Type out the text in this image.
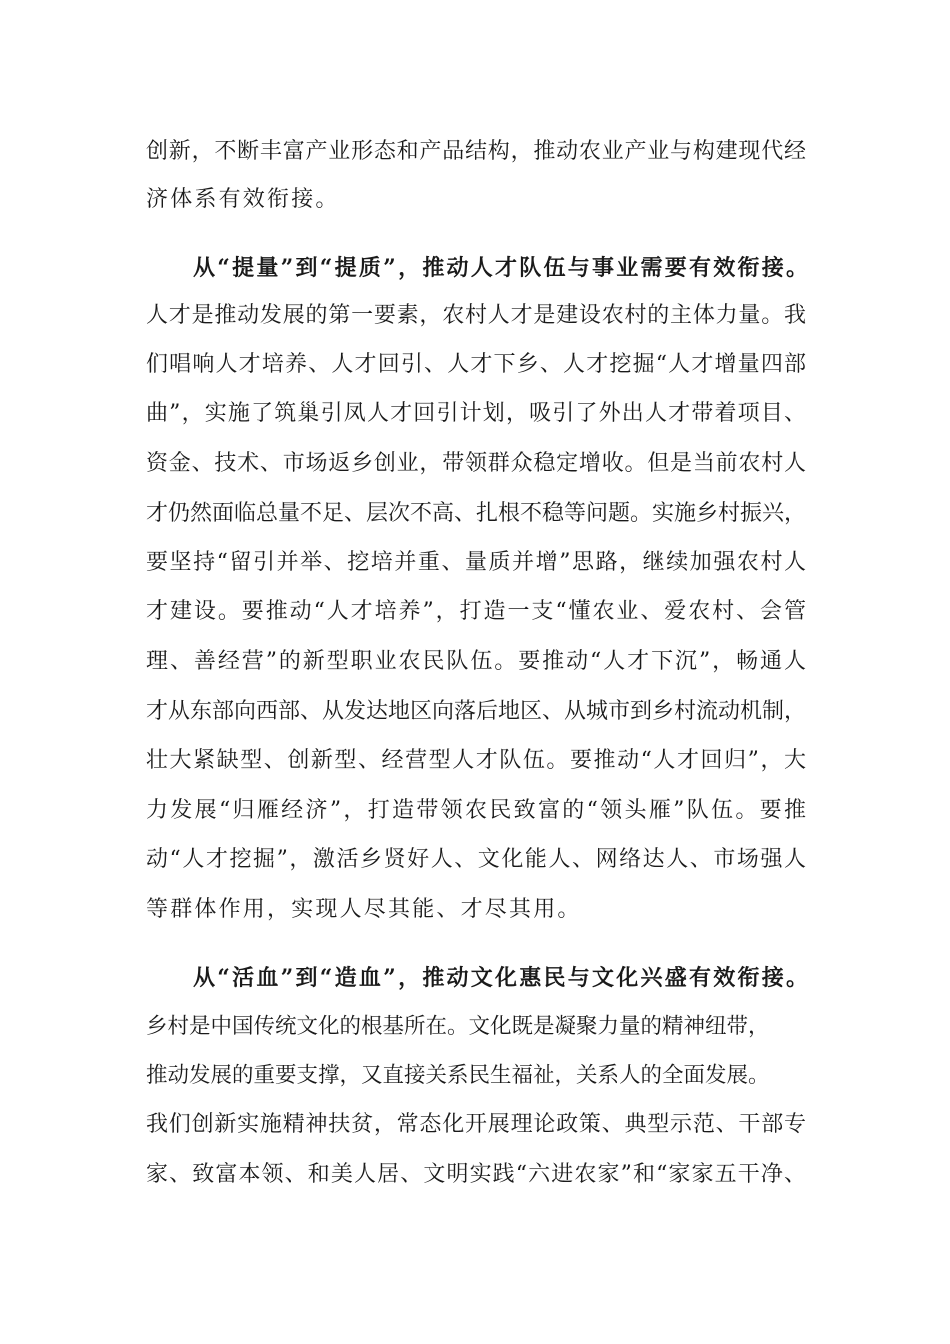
创新，不断丰富产业形态和产品结构，推动农业产业与构建现代经
济体系有效衔接。
从“提量”到“提质”，推动人才队伍与事业需要有效衔接。
人才是推动发展的第一要素，农村人才是建设农村的主体力量。我
们唱响人才培养、人才回引、人才下乡、人才挖掘“人才增量四部
曲”，实施了筑巢引凤人才回引计划，吸引了外出人才带着项目、
资金、技术、市场返乡创业，带领群众稳定增收。但是当前农村人
才仍然面临总量不足、层次不高、扎根不稳等问题。实施乡村振兴，
要坚持“留引并举、挖培并重、量质并增”思路，继续加强农村人
才建设。要推动“人才培养”，打造一支“懂农业、爱农村、会管
理、善经营”的新型职业农民队伍。要推动“人才下沉”，畅通人
才从东部向西部、从发达地区向落后地区、从城市到乡村流动机制，
壮大紧缺型、创新型、经营型人才队伍。要推动“人才回归”，大
力发展“归雁经济”，打造带领农民致富的“领头雁”队伍。要推
动“人才挖掘”，激活乡贤好人、文化能人、网络达人、市场强人
等群体作用，实现人尽其能、才尽其用。
从“活血”到“造血”，推动文化惠民与文化兴盛有效衔接。
乡村是中国传统文化的根基所在。文化既是凝聚力量的精神纽带，
推动发展的重要支撑，又直接关系民生福祉，关系人的全面发展。
我们创新实施精神扶贫，常态化开展理论政策、典型示范、干部专
家、致富本领、和美人居、文明实践“六进农家”和“家家五干净、
